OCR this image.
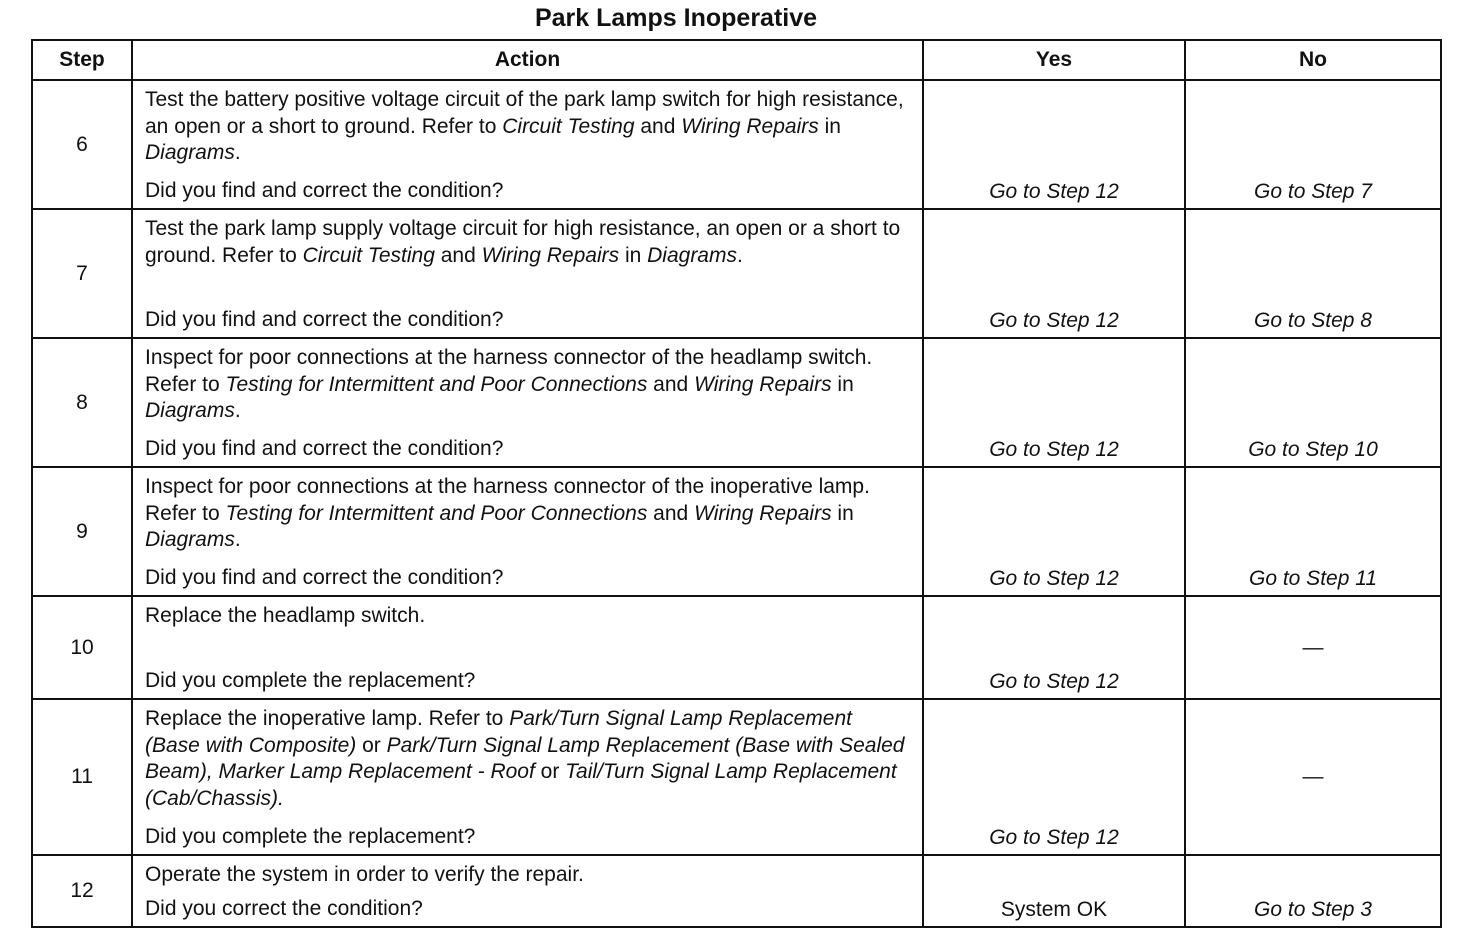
Park Lamps Inoperative
Step	Action	Yes	No
6	Test the battery positive voltage circuit of the park lamp switch for high resistance, an open or a short to ground. Refer to Circuit Testing and Wiring Repairs in Diagrams.
Did you find and correct the condition?	Go to Step 12	Go to Step 7
7	Test the park lamp supply voltage circuit for high resistance, an open or a short to ground. Refer to Circuit Testing and Wiring Repairs in Diagrams.
Did you find and correct the condition?	Go to Step 12	Go to Step 8
8	Inspect for poor connections at the harness connector of the headlamp switch. Refer to Testing for Intermittent and Poor Connections and Wiring Repairs in Diagrams.
Did you find and correct the condition?	Go to Step 12	Go to Step 10
9	Inspect for poor connections at the harness connector of the inoperative lamp. Refer to Testing for Intermittent and Poor Connections and Wiring Repairs in Diagrams.
Did you find and correct the condition?	Go to Step 12	Go to Step 11
10	Replace the headlamp switch.
Did you complete the replacement?	Go to Step 12	—
11	Replace the inoperative lamp. Refer to Park/Turn Signal Lamp Replacement (Base with Composite) or Park/Turn Signal Lamp Replacement (Base with Sealed Beam), Marker Lamp Replacement - Roof or Tail/Turn Signal Lamp Replacement (Cab/Chassis).
Did you complete the replacement?	Go to Step 12	—
12	Operate the system in order to verify the repair.
Did you correct the condition?	System OK	Go to Step 3
